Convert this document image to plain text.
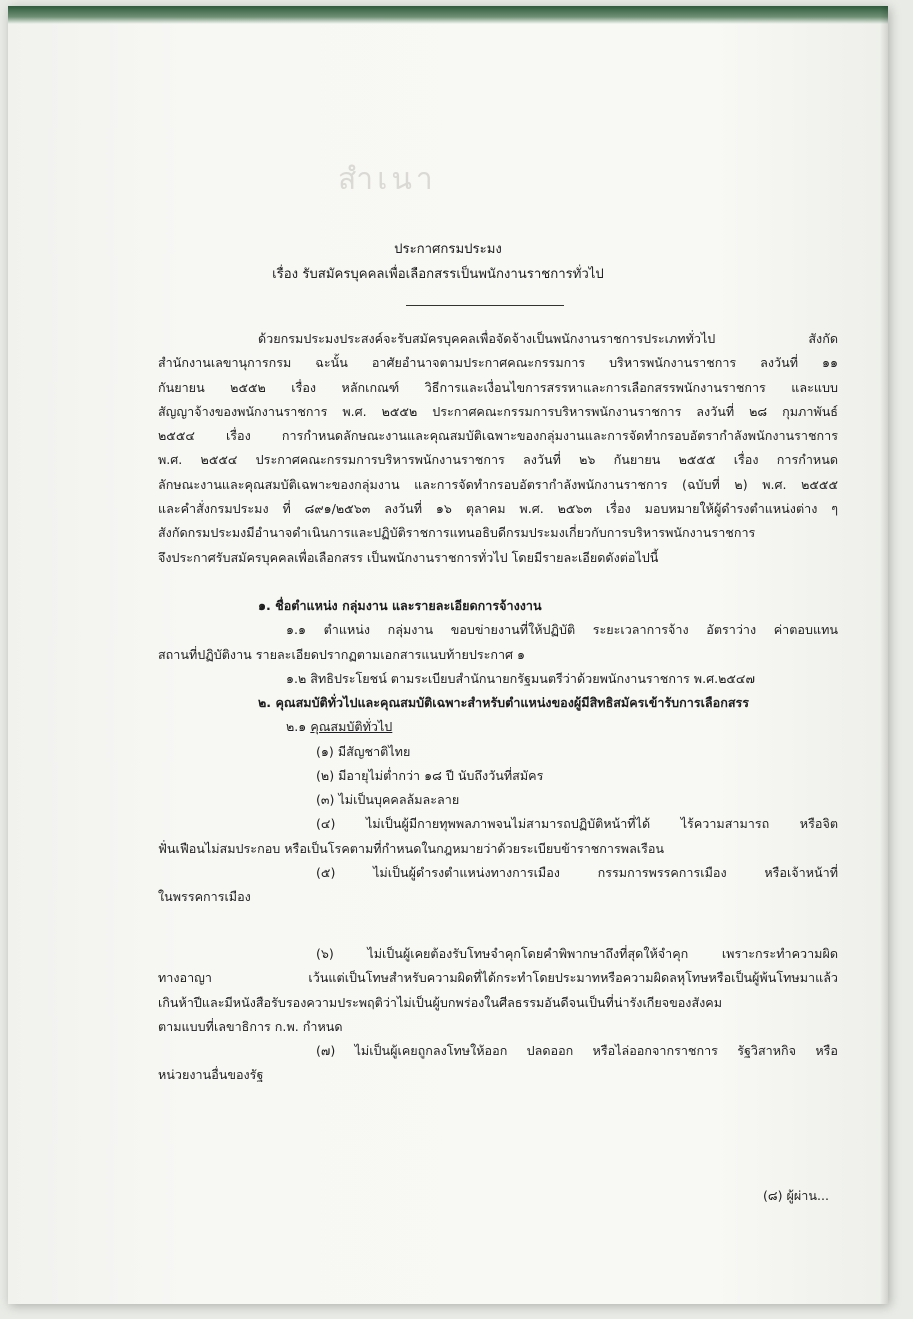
สำเนา
ประกาศกรมประมง
เรื่อง รับสมัครบุคคลเพื่อเลือกสรรเป็นพนักงานราชการทั่วไป
ด้วยกรมประมงประสงค์จะรับสมัครบุคคลเพื่อจัดจ้างเป็นพนักงานราชการประเภททั่วไป สังกัด
สำนักงานเลขานุการกรม ฉะนั้น อาศัยอำนาจตามประกาศคณะกรรมการ บริหารพนักงานราชการ ลงวันที่ ๑๑
กันยายน ๒๕๕๒ เรื่อง หลักเกณฑ์ วิธีการและเงื่อนไขการสรรหาและการเลือกสรรพนักงานราชการ และแบบ
สัญญาจ้างของพนักงานราชการ พ.ศ. ๒๕๕๒ ประกาศคณะกรรมการบริหารพนักงานราชการ ลงวันที่ ๒๘ กุมภาพันธ์
๒๕๕๔ เรื่อง การกำหนดลักษณะงานและคุณสมบัติเฉพาะของกลุ่มงานและการจัดทำกรอบอัตรากำลังพนักงานราชการ
พ.ศ. ๒๕๕๔ ประกาศคณะกรรมการบริหารพนักงานราชการ ลงวันที่ ๒๖ กันยายน ๒๕๕๕ เรื่อง การกำหนด
ลักษณะงานและคุณสมบัติเฉพาะของกลุ่มงาน และการจัดทำกรอบอัตรากำลังพนักงานราชการ (ฉบับที่ ๒) พ.ศ. ๒๕๕๕
และคำสั่งกรมประมง ที่ ๘๙๑/๒๕๖๓ ลงวันที่ ๑๖ ตุลาคม พ.ศ. ๒๕๖๓ เรื่อง มอบหมายให้ผู้ดำรงตำแหน่งต่าง ๆ
สังกัดกรมประมงมีอำนาจดำเนินการและปฏิบัติราชการแทนอธิบดีกรมประมงเกี่ยวกับการบริหารพนักงานราชการ
จึงประกาศรับสมัครบุคคลเพื่อเลือกสรร เป็นพนักงานราชการทั่วไป โดยมีรายละเอียดดังต่อไปนี้
๑. ชื่อตำแหน่ง กลุ่มงาน และรายละเอียดการจ้างงาน
๑.๑ ตำแหน่ง กลุ่มงาน ขอบข่ายงานที่ให้ปฏิบัติ ระยะเวลาการจ้าง อัตราว่าง ค่าตอบแทน
สถานที่ปฏิบัติงาน รายละเอียดปรากฏตามเอกสารแนบท้ายประกาศ ๑
๑.๒ สิทธิประโยชน์ ตามระเบียบสำนักนายกรัฐมนตรีว่าด้วยพนักงานราชการ พ.ศ.๒๕๔๗
๒. คุณสมบัติทั่วไปและคุณสมบัติเฉพาะสำหรับตำแหน่งของผู้มีสิทธิสมัครเข้ารับการเลือกสรร
๒.๑ คุณสมบัติทั่วไป
(๑) มีสัญชาติไทย
(๒) มีอายุไม่ต่ำกว่า ๑๘ ปี นับถึงวันที่สมัคร
(๓) ไม่เป็นบุคคลล้มละลาย
(๔) ไม่เป็นผู้มีกายทุพพลภาพจนไม่สามารถปฏิบัติหน้าที่ได้ ไร้ความสามารถ หรือจิต
ฟั่นเฟือนไม่สมประกอบ หรือเป็นโรคตามที่กำหนดในกฎหมายว่าด้วยระเบียบข้าราชการพลเรือน
(๕) ไม่เป็นผู้ดำรงตำแหน่งทางการเมือง กรรมการพรรคการเมือง หรือเจ้าหน้าที่
ในพรรคการเมือง
(๖) ไม่เป็นผู้เคยต้องรับโทษจำคุกโดยคำพิพากษาถึงที่สุดให้จำคุก เพราะกระทำความผิด
ทางอาญา เว้นแต่เป็นโทษสำหรับความผิดที่ได้กระทำโดยประมาทหรือความผิดลหุโทษหรือเป็นผู้พ้นโทษมาแล้ว
เกินห้าปีและมีหนังสือรับรองความประพฤติว่าไม่เป็นผู้บกพร่องในศีลธรรมอันดีจนเป็นที่น่ารังเกียจของสังคม
ตามแบบที่เลขาธิการ ก.พ. กำหนด
(๗) ไม่เป็นผู้เคยถูกลงโทษให้ออก ปลดออก หรือไล่ออกจากราชการ รัฐวิสาหกิจ หรือ
หน่วยงานอื่นของรัฐ
(๘) ผู้ผ่าน...
